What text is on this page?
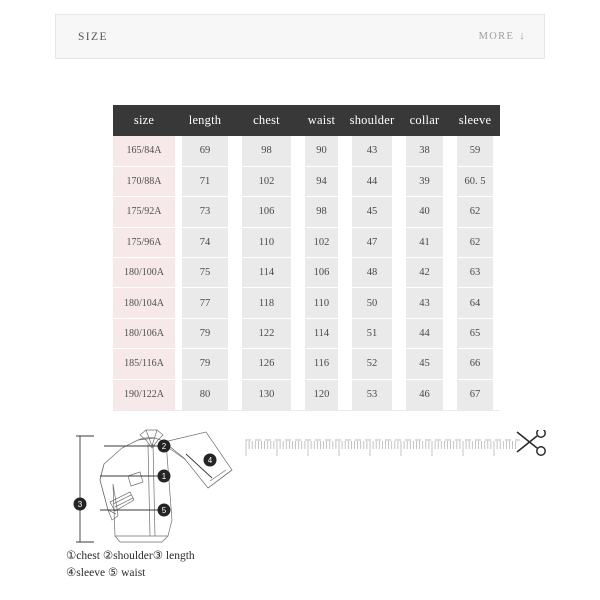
SIZE	MORE ↓
size	length	chest	waist	shoulder	collar	sleeve
165/84A	69	98	90	43	38	59
170/88A	71	102	94	44	39	60. 5
175/92A	73	106	98	45	40	62
175/96A	74	110	102	47	41	62
180/100A	75	114	106	48	42	63
180/104A	77	118	110	50	43	64
180/106A	79	122	114	51	44	65
185/116A	79	126	116	52	45	66
190/122A	80	130	120	53	46	67
1
2
3
4
5
①chest ②shoulder③ length
④sleeve ⑤ waist
